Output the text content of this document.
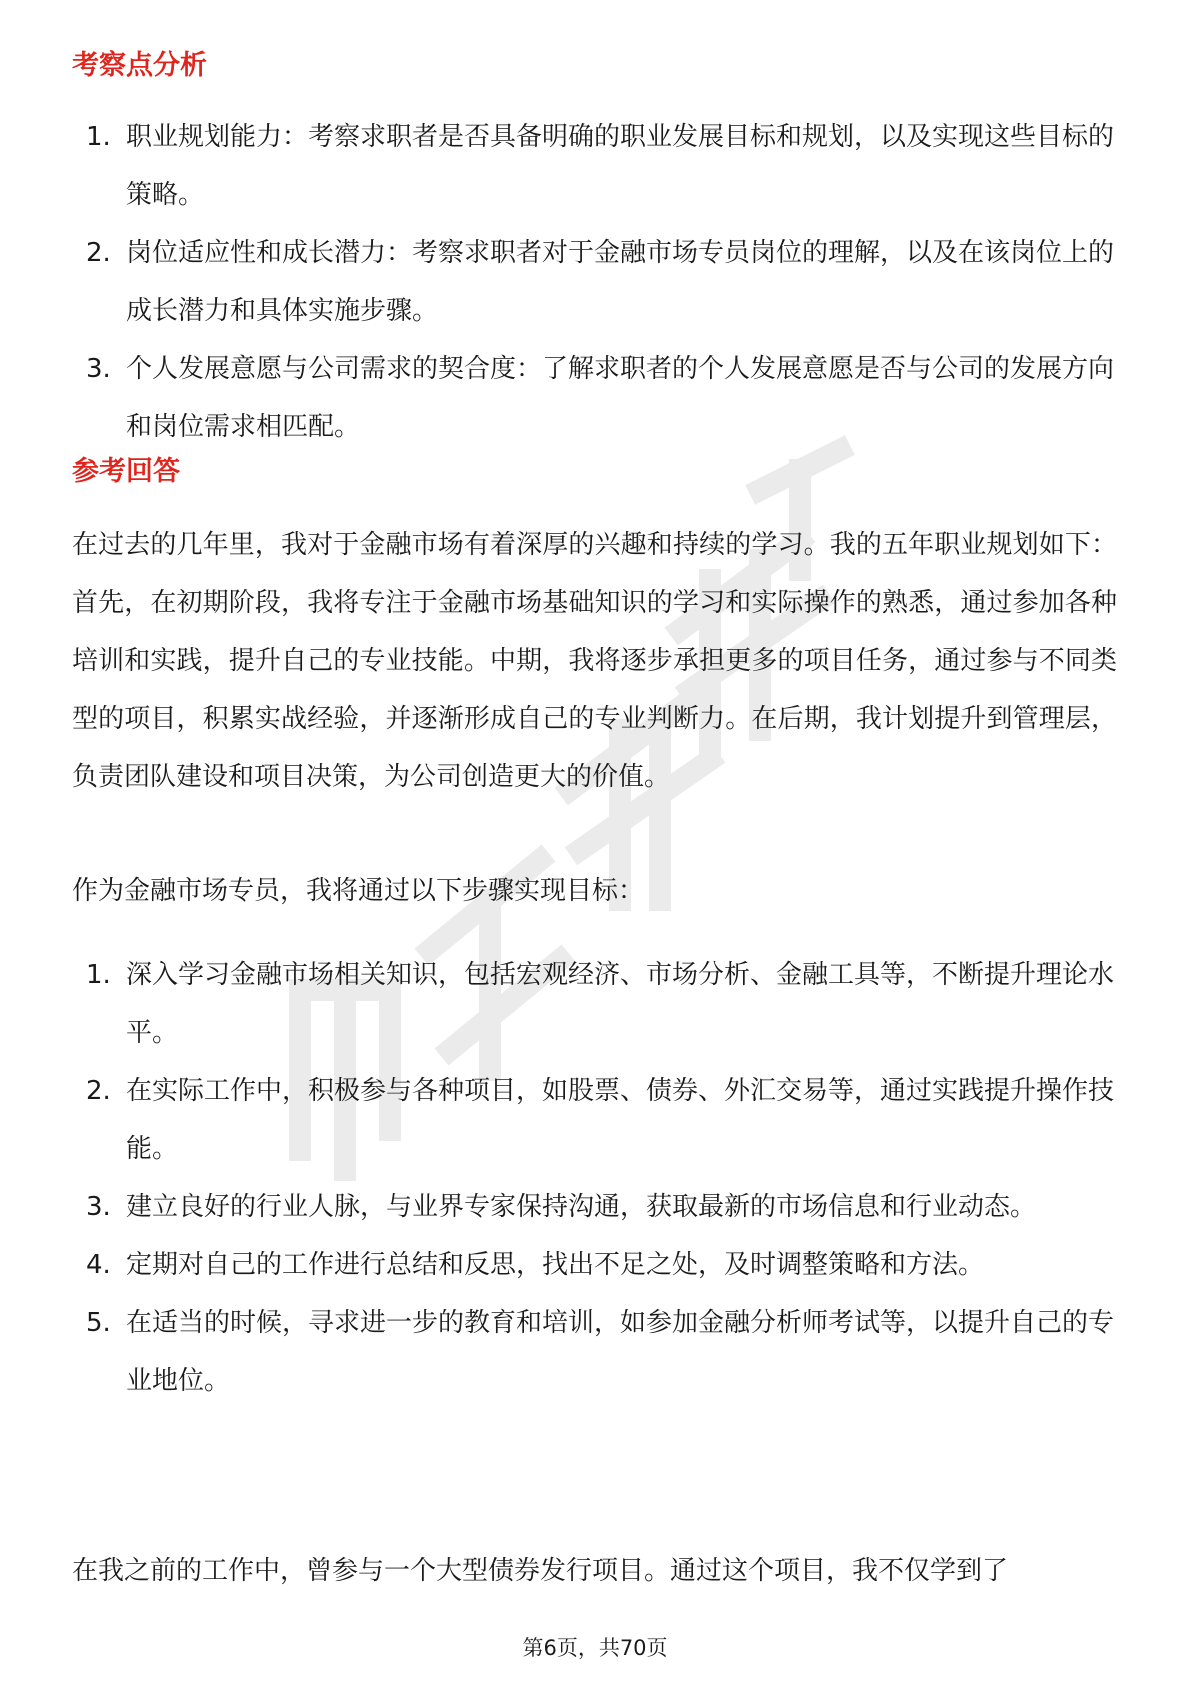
考察点分析
1. 职业规划能力：考察求职者是否具备明确的职业发展目标和规划，以及实现这些目标的策略。
2. 岗位适应性和成长潜力：考察求职者对于金融市场专员岗位的理解，以及在该岗位上的成长潜力和具体实施步骤。
3. 个人发展意愿与公司需求的契合度：了解求职者的个人发展意愿是否与公司的发展方向和岗位需求相匹配。
参考回答

在过去的几年里，我对于金融市场有着深厚的兴趣和持续的学习。我的五年职业规划如下：首先，在初期阶段，我将专注于金融市场基础知识的学习和实际操作的熟悉，通过参加各种培训和实践，提升自己的专业技能。中期，我将逐步承担更多的项目任务，通过参与不同类型的项目，积累实战经验，并逐渐形成自己的专业判断力。在后期，我计划提升到管理层，负责团队建设和项目决策，为公司创造更大的价值。

作为金融市场专员，我将通过以下步骤实现目标：

1. 深入学习金融市场相关知识，包括宏观经济、市场分析、金融工具等，不断提升理论水平。
2. 在实际工作中，积极参与各种项目，如股票、债券、外汇交易等，通过实践提升操作技能。
3. 建立良好的行业人脉，与业界专家保持沟通，获取最新的市场信息和行业动态。
4. 定期对自己的工作进行总结和反思，找出不足之处，及时调整策略和方法。
5. 在适当的时候，寻求进一步的教育和培训，如参加金融分析师考试等，以提升自己的专业地位。

在我之前的工作中，曾参与一个大型债券发行项目。通过这个项目，我不仅学到了

第6页，共70页
